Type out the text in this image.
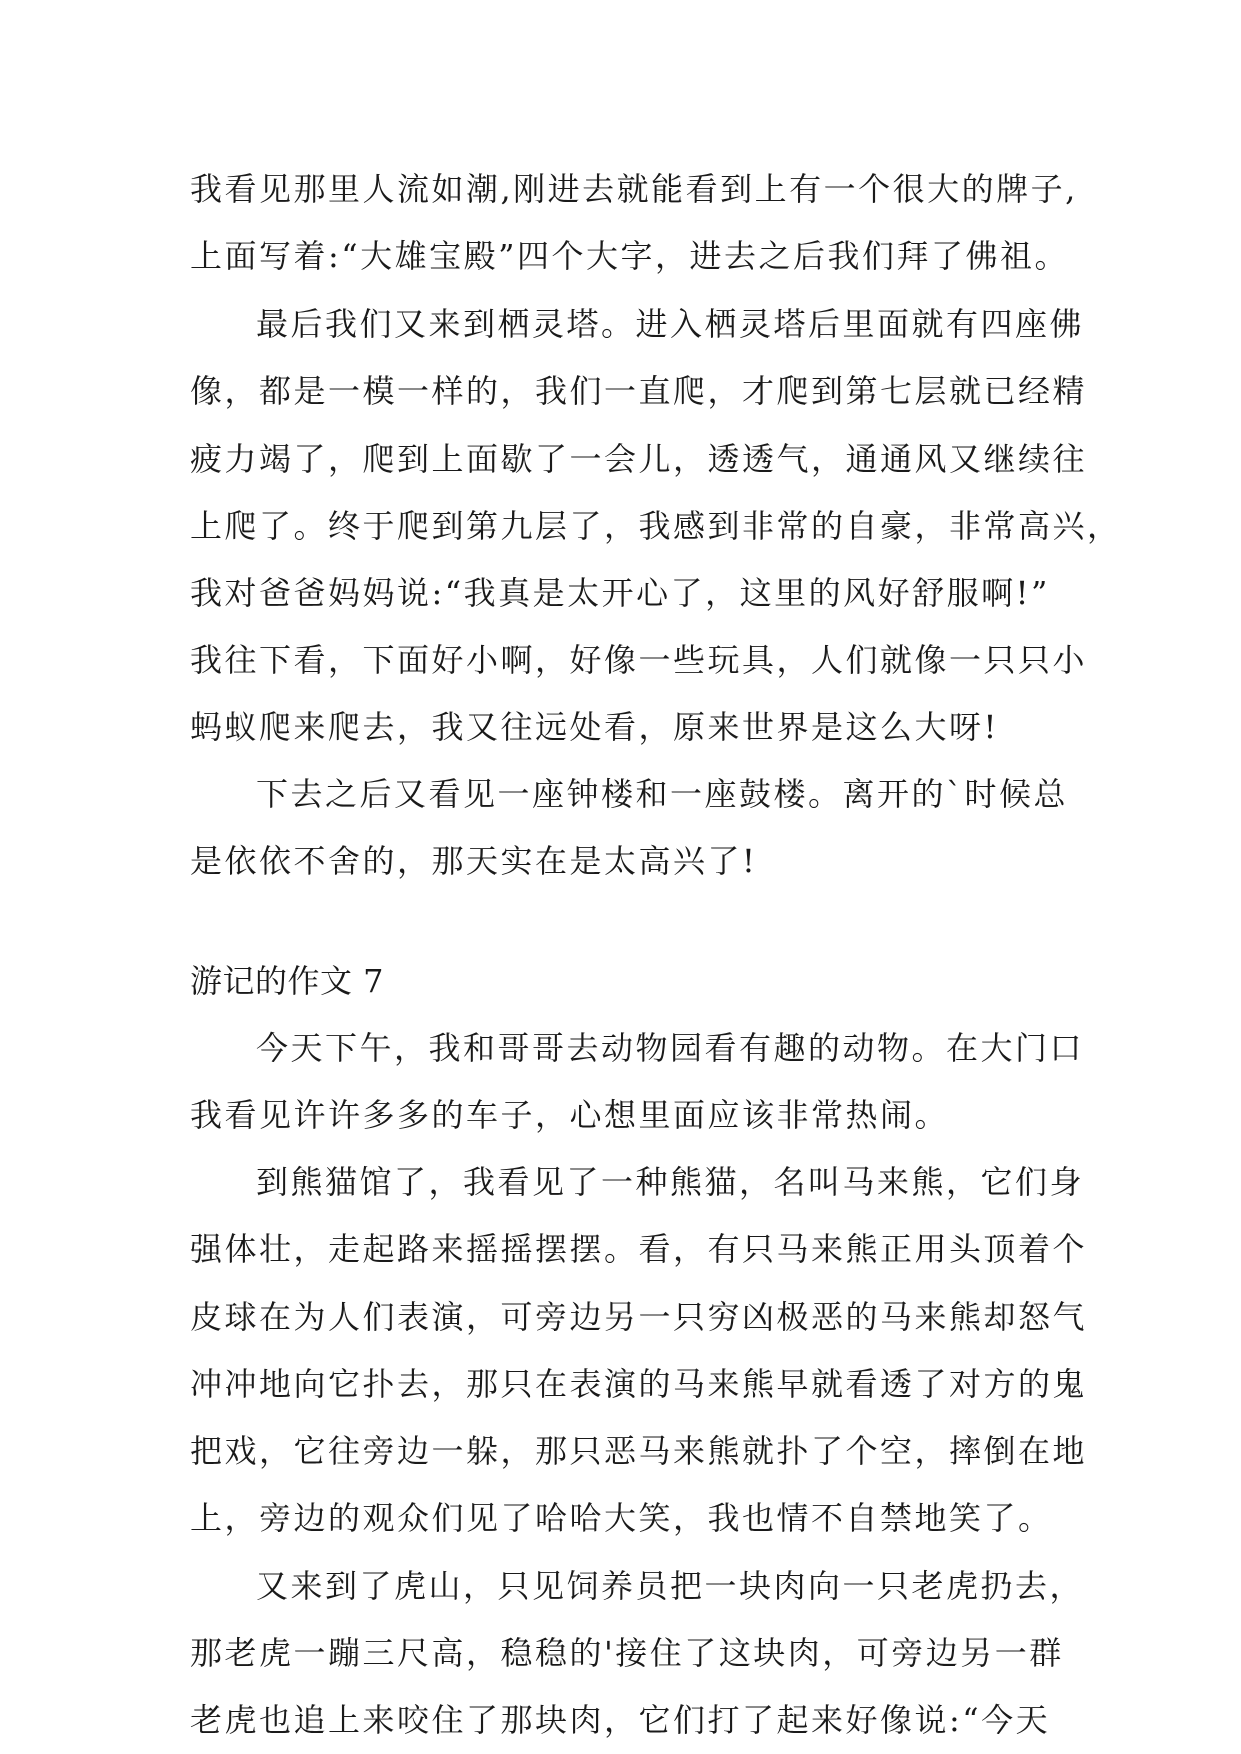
我看见那里人流如潮,刚进去就能看到上有一个很大的牌子,
上面写着:“大雄宝殿”四个大字，进去之后我们拜了佛祖。
最后我们又来到栖灵塔。进入栖灵塔后里面就有四座佛
像，都是一模一样的，我们一直爬，才爬到第七层就已经精
疲力竭了，爬到上面歇了一会儿，透透气，通通风又继续往
上爬了。终于爬到第九层了，我感到非常的自豪，非常高兴，
我对爸爸妈妈说:“我真是太开心了，这里的风好舒服啊!”
我往下看，下面好小啊，好像一些玩具，人们就像一只只小
蚂蚁爬来爬去，我又往远处看，原来世界是这么大呀!
下去之后又看见一座钟楼和一座鼓楼。离开的`时候总
是依依不舍的，那天实在是太高兴了!
游记的作文 7
今天下午，我和哥哥去动物园看有趣的动物。在大门口
我看见许许多多的车子，心想里面应该非常热闹。
到熊猫馆了，我看见了一种熊猫，名叫马来熊，它们身
强体壮，走起路来摇摇摆摆。看，有只马来熊正用头顶着个
皮球在为人们表演，可旁边另一只穷凶极恶的马来熊却怒气
冲冲地向它扑去，那只在表演的马来熊早就看透了对方的鬼
把戏，它往旁边一躲，那只恶马来熊就扑了个空，摔倒在地
上，旁边的观众们见了哈哈大笑，我也情不自禁地笑了。
又来到了虎山，只见饲养员把一块肉向一只老虎扔去，
那老虎一蹦三尺高，稳稳的'接住了这块肉，可旁边另一群
老虎也追上来咬住了那块肉，它们打了起来好像说:“今天
